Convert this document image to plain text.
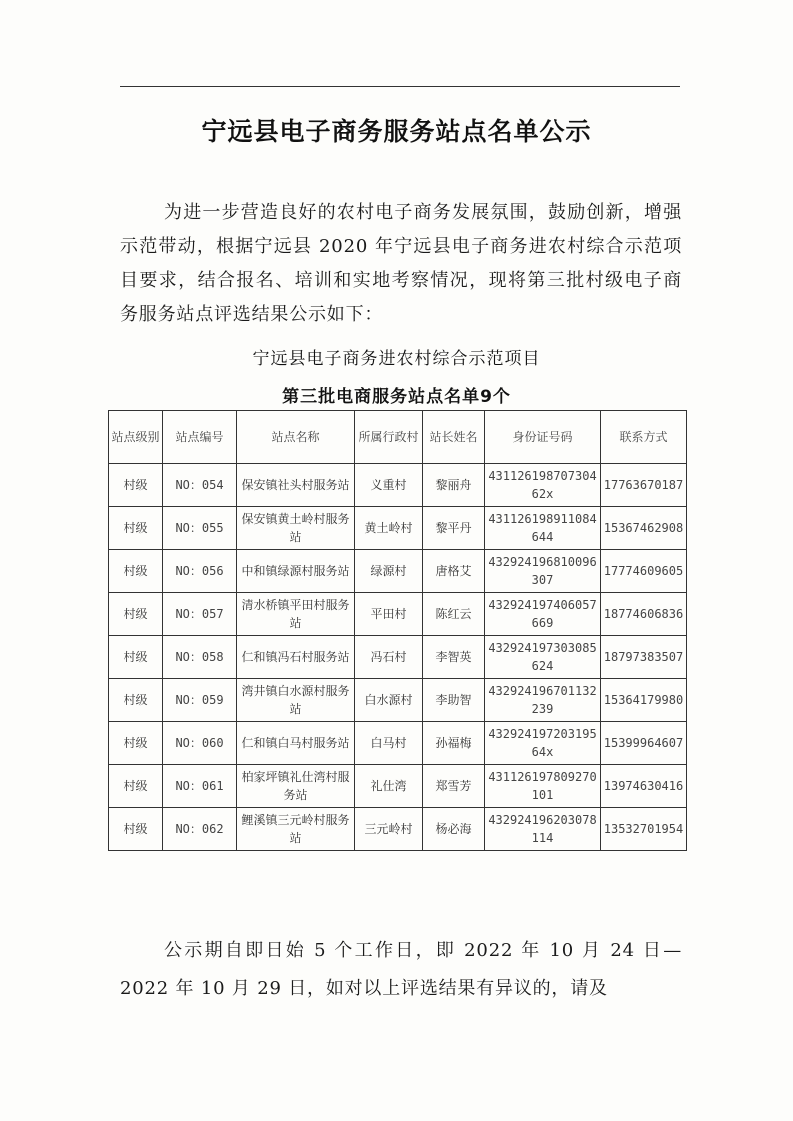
宁远县电子商务服务站点名单公示
为进一步营造良好的农村电子商务发展氛围，鼓励创新，增强示范带动，根据宁远县 2020 年宁远县电子商务进农村综合示范项目要求，结合报名、培训和实地考察情况，现将第三批村级电子商务服务站点评选结果公示如下：
宁远县电子商务进农村综合示范项目
第三批电商服务站点名单9个
站点级别	站点编号	站点名称	所属行政村	站长姓名	身份证号码	联系方式
村级	NO：054	保安镇社头村服务站	义重村	黎丽舟	43112619870730462x	17763670187
村级	NO：055	保安镇黄土岭村服务站	黄土岭村	黎平丹	431126198911084644	15367462908
村级	NO：056	中和镇绿源村服务站	绿源村	唐格艾	432924196810096307	17774609605
村级	NO：057	清水桥镇平田村服务站	平田村	陈红云	432924197406057669	18774606836
村级	NO：058	仁和镇冯石村服务站	冯石村	李智英	432924197303085624	18797383507
村级	NO：059	湾井镇白水源村服务站	白水源村	李助智	432924196701132239	15364179980
村级	NO：060	仁和镇白马村服务站	白马村	孙福梅	43292419720319564x	15399964607
村级	NO：061	柏家坪镇礼仕湾村服务站	礼仕湾	郑雪芳	431126197809270101	13974630416
村级	NO：062	鲤溪镇三元岭村服务站	三元岭村	杨必海	432924196203078114	13532701954
公示期自即日始 5 个工作日，即 2022 年 10 月 24 日—2022 年 10 月 29 日，如对以上评选结果有异议的，请及
